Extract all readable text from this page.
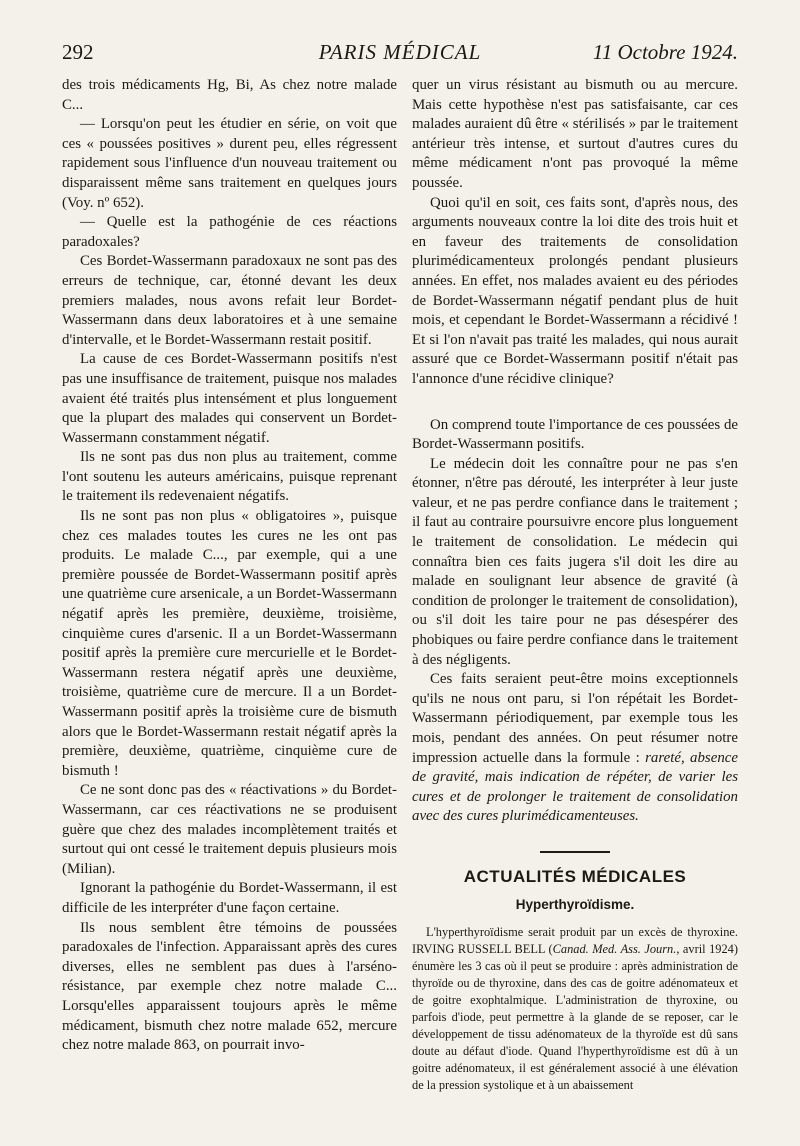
292	PARIS MÉDICAL	11 Octobre 1924.

des trois médicaments Hg, Bi, As chez notre malade C...

— Lorsqu'on peut les étudier en série, on voit que ces « poussées positives » durent peu, elles régressent rapidement sous l'influence d'un nouveau traitement ou disparaissent même sans traitement en quelques jours (Voy. nº 652).

— Quelle est la pathogénie de ces réactions paradoxales?

Ces Bordet-Wassermann paradoxaux ne sont pas des erreurs de technique, car, étonné devant les deux premiers malades, nous avons refait leur Bordet-Wassermann dans deux laboratoires et à une semaine d'intervalle, et le Bordet-Wassermann restait positif.

La cause de ces Bordet-Wassermann positifs n'est pas une insuffisance de traitement, puisque nos malades avaient été traités plus intensément et plus longuement que la plupart des malades qui conservent un Bordet-Wassermann constamment négatif.

Ils ne sont pas dus non plus au traitement, comme l'ont soutenu les auteurs américains, puisque reprenant le traitement ils redevenaient négatifs.

Ils ne sont pas non plus « obligatoires », puisque chez ces malades toutes les cures ne les ont pas produits. Le malade C..., par exemple, qui a une première poussée de Bordet-Wassermann positif après une quatrième cure arsenicale, a un Bordet-Wassermann négatif après les première, deuxième, troisième, cinquième cures d'arsenic. Il a un Bordet-Wassermann positif après la première cure mercurielle et le Bordet-Wassermann restera négatif après une deuxième, troisième, quatrième cure de mercure. Il a un Bordet-Wassermann positif après la troisième cure de bismuth alors que le Bordet-Wassermann restait négatif après la première, deuxième, quatrième, cinquième cure de bismuth !

Ce ne sont donc pas des « réactivations » du Bordet-Wassermann, car ces réactivations ne se produisent guère que chez des malades incomplètement traités et surtout qui ont cessé le traitement depuis plusieurs mois (Milian).

Ignorant la pathogénie du Bordet-Wassermann, il est difficile de les interpréter d'une façon certaine.

Ils nous semblent être témoins de poussées paradoxales de l'infection. Apparaissant après des cures diverses, elles ne semblent pas dues à l'arséno-résistance, par exemple chez notre malade C... Lorsqu'elles apparaissent toujours après le même médicament, bismuth chez notre malade 652, mercure chez notre malade 863, on pourrait invo-

quer un virus résistant au bismuth ou au mercure. Mais cette hypothèse n'est pas satisfaisante, car ces malades auraient dû être « stérilisés » par le traitement antérieur très intense, et surtout d'autres cures du même médicament n'ont pas provoqué la même poussée.

Quoi qu'il en soit, ces faits sont, d'après nous, des arguments nouveaux contre la loi dite des trois huit et en faveur des traitements de consolidation plurimédicamenteux prolongés pendant plusieurs années. En effet, nos malades avaient eu des périodes de Bordet-Wassermann négatif pendant plus de huit mois, et cependant le Bordet-Wassermann a récidivé ! Et si l'on n'avait pas traité les malades, qui nous aurait assuré que ce Bordet-Wassermann positif n'était pas l'annonce d'une récidive clinique?

On comprend toute l'importance de ces poussées de Bordet-Wassermann positifs.

Le médecin doit les connaître pour ne pas s'en étonner, n'être pas dérouté, les interpréter à leur juste valeur, et ne pas perdre confiance dans le traitement ; il faut au contraire poursuivre encore plus longuement le traitement de consolidation. Le médecin qui connaîtra bien ces faits jugera s'il doit les dire au malade en soulignant leur absence de gravité (à condition de prolonger le traitement de consolidation), ou s'il doit les taire pour ne pas désespérer des phobiques ou faire perdre confiance dans le traitement à des négligents.

Ces faits seraient peut-être moins exceptionnels qu'ils ne nous ont paru, si l'on répétait les Bordet-Wassermann périodiquement, par exemple tous les mois, pendant des années. On peut résumer notre impression actuelle dans la formule : rareté, absence de gravité, mais indication de répéter, de varier les cures et de prolonger le traitement de consolidation avec des cures plurimédicamenteuses.

ACTUALITÉS MÉDICALES
Hyperthyroïdisme.

L'hyperthyroïdisme serait produit par un excès de thyroxine. IRVING RUSSELL BELL (Canad. Med. Ass. Journ., avril 1924) énumère les 3 cas où il peut se produire : après administration de thyroïde ou de thyroxine, dans des cas de goitre adénomateux et de goitre exophtalmique. L'administration de thyroxine, ou parfois d'iode, peut permettre à la glande de se reposer, car le développement de tissu adénomateux de la thyroïde est dû sans doute au défaut d'iode. Quand l'hyperthyroïdisme est dû à un goitre adénomateux, il est généralement associé à une élévation de la pression systolique et à un abaissement
